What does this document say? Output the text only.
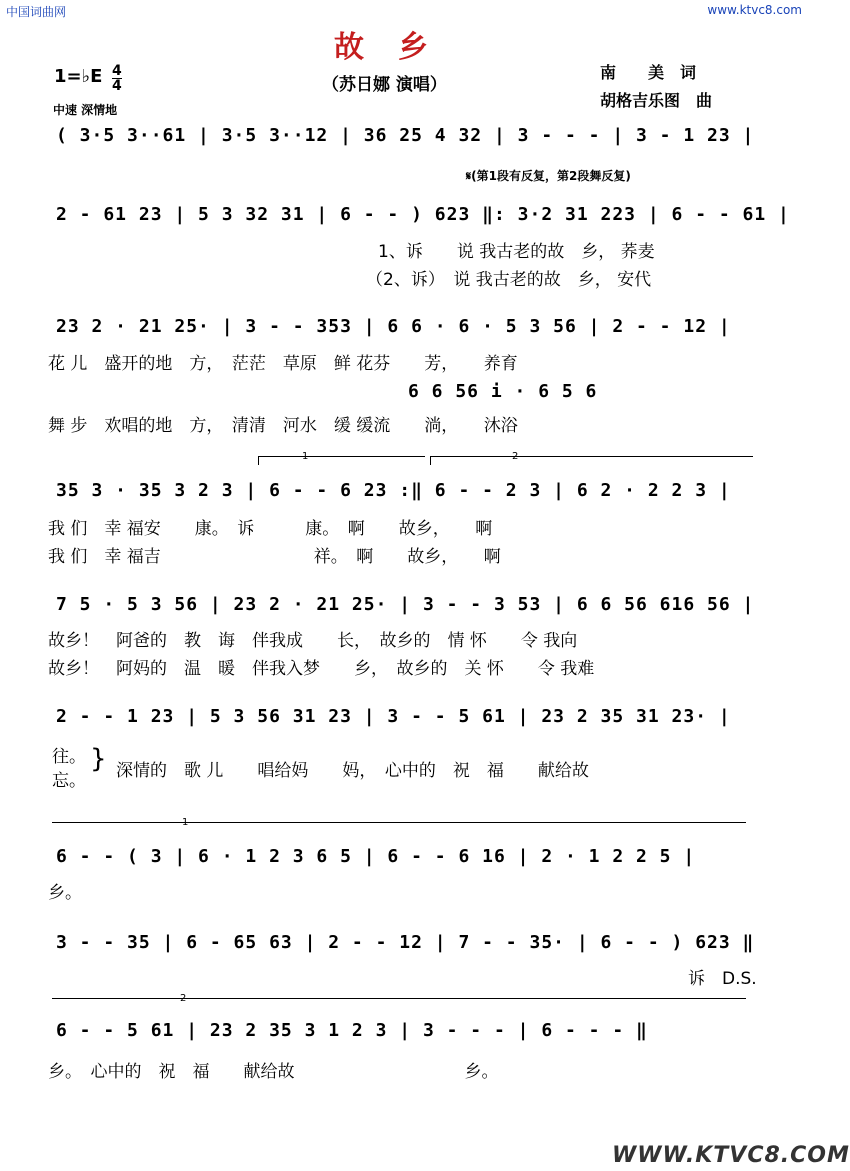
中国词曲网	www.ktvc8.com
故乡
（苏日娜 演唱）
1=♭E $\frac{4}{4}$
中速 深情地
南　　美　词
胡格吉乐图　曲
( 3·5 3··61 | 3·5 3··12 | 36 25 4 32 | 3 - - - | 3 - 1 23 |
𝄋(第1段有反复，第2段舞反复)
2 - 61 23 | 5 3 32 31 | 6 - - ) 623 ‖: 3·2 31 223 | 6 - - 61 |
1、诉　　说 我古老的故　乡， 荞麦
（2、诉）　说 我古老的故　乡， 安代
23 2 · 21 25· | 3 - - 353 | 6 6 · 6 · 5 3 56 | 2 - - 12 |
花 儿　盛开的地　方，　茫茫　草原　鲜 花芬　　芳，　　养育
6 6 56 i · 6 5 6
舞 步　欢唱的地　方，　清清　河水　缓 缓流　　淌，　　沐浴
1	2
35 3 · 35 3 2 3 | 6 - - 6 23 :‖ 6 - - 2 3 | 6 2 · 2 2 3 |
我 们　幸 福安　　康。　诉　　　康。　啊　　故乡，　　啊
我 们　幸 福吉　　　　　　　　　祥。　啊　　故乡，　　啊
7 5 · 5 3 56 | 23 2 · 21 25· | 3 - - 3 53 | 6 6 56 616 56 |
故乡！　阿爸的　教　诲　伴我成　　长，　故乡的　情 怀　　令 我向
故乡！　阿妈的　温　暖　伴我入梦　　乡，　故乡的　关 怀　　令 我难
2 - - 1 23 | 5 3 56 31 23 | 3 - - 5 61 | 23 2 35 31 23· |
往。
忘。
} 深情的　歌 儿　　唱给妈　　妈，　心中的　祝　福　　献给故
1
6 - - ( 3 | 6 · 1 2 3 6 5 | 6 - - 6 16 | 2 · 1 2 2 5 |
乡。
3 - - 35 | 6 - 65 63 | 2 - - 12 | 7 - - 35· | 6 - - ) 623 ‖
诉　D.S.
2
6 - - 5 61 | 23 2 35 3 1 2 3 | 3 - - - | 6 - - - ‖
乡。　心中的　祝　福　　献给故　　　　　　　　　　乡。
WWW.KTVC8.COM
